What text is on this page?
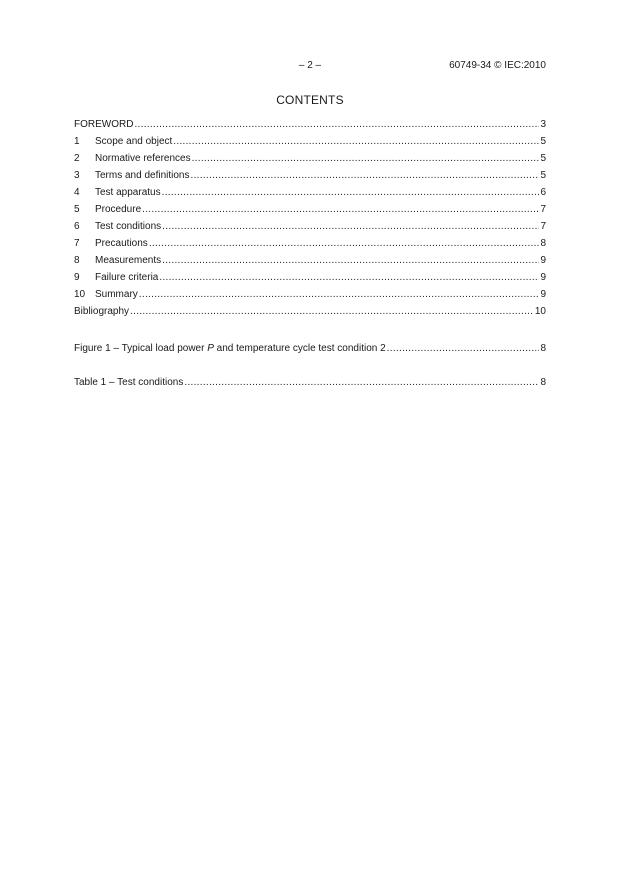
– 2 –	60749-34 © IEC:2010
CONTENTS
FOREWORD .....	3
1	Scope and object .....	5
2	Normative references .....	5
3	Terms and definitions .....	5
4	Test apparatus .....	6
5	Procedure .....	7
6	Test conditions .....	7
7	Precautions .....	8
8	Measurements .....	9
9	Failure criteria .....	9
10 Summary .....	9
Bibliography .....	10
Figure 1 – Typical load power P and temperature cycle test condition 2 .....	8
Table 1 – Test conditions .....	8
